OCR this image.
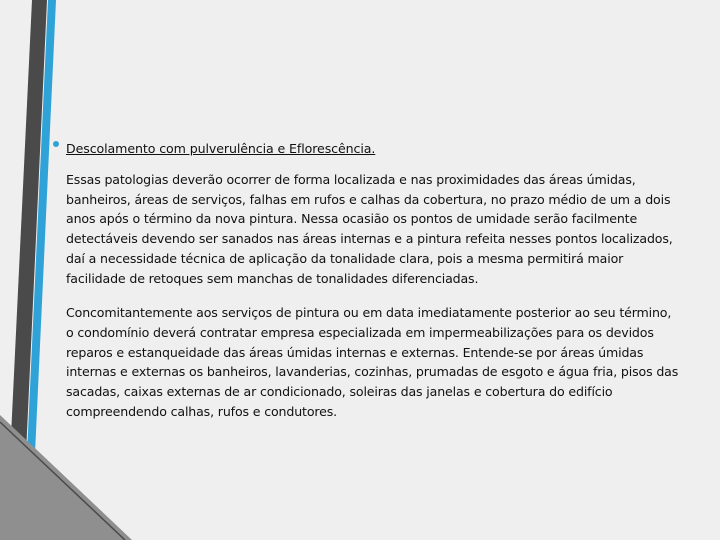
Descolamento com pulverulência e Eflorescência.

Essas patologias deverão ocorrer de forma localizada e nas proximidades das áreas úmidas, banheiros, áreas de serviços, falhas em rufos e calhas da cobertura, no prazo médio de um a dois anos após o término da nova pintura. Nessa ocasião os pontos de umidade serão facilmente detectáveis devendo ser sanados nas áreas internas e a pintura refeita nesses pontos localizados, daí a necessidade técnica de aplicação da tonalidade clara, pois a mesma permitirá maior facilidade de retoques sem manchas de tonalidades diferenciadas.

Concomitantemente aos serviços de pintura ou em data imediatamente posterior ao seu término, o condomínio deverá contratar empresa especializada em impermeabilizações para os devidos reparos e estanqueidade das áreas úmidas internas e externas. Entende-se por áreas úmidas internas e externas os banheiros, lavanderias, cozinhas, prumadas de esgoto e água fria, pisos das sacadas, caixas externas de ar condicionado, soleiras das janelas e cobertura do edifício compreendendo calhas, rufos e condutores.
